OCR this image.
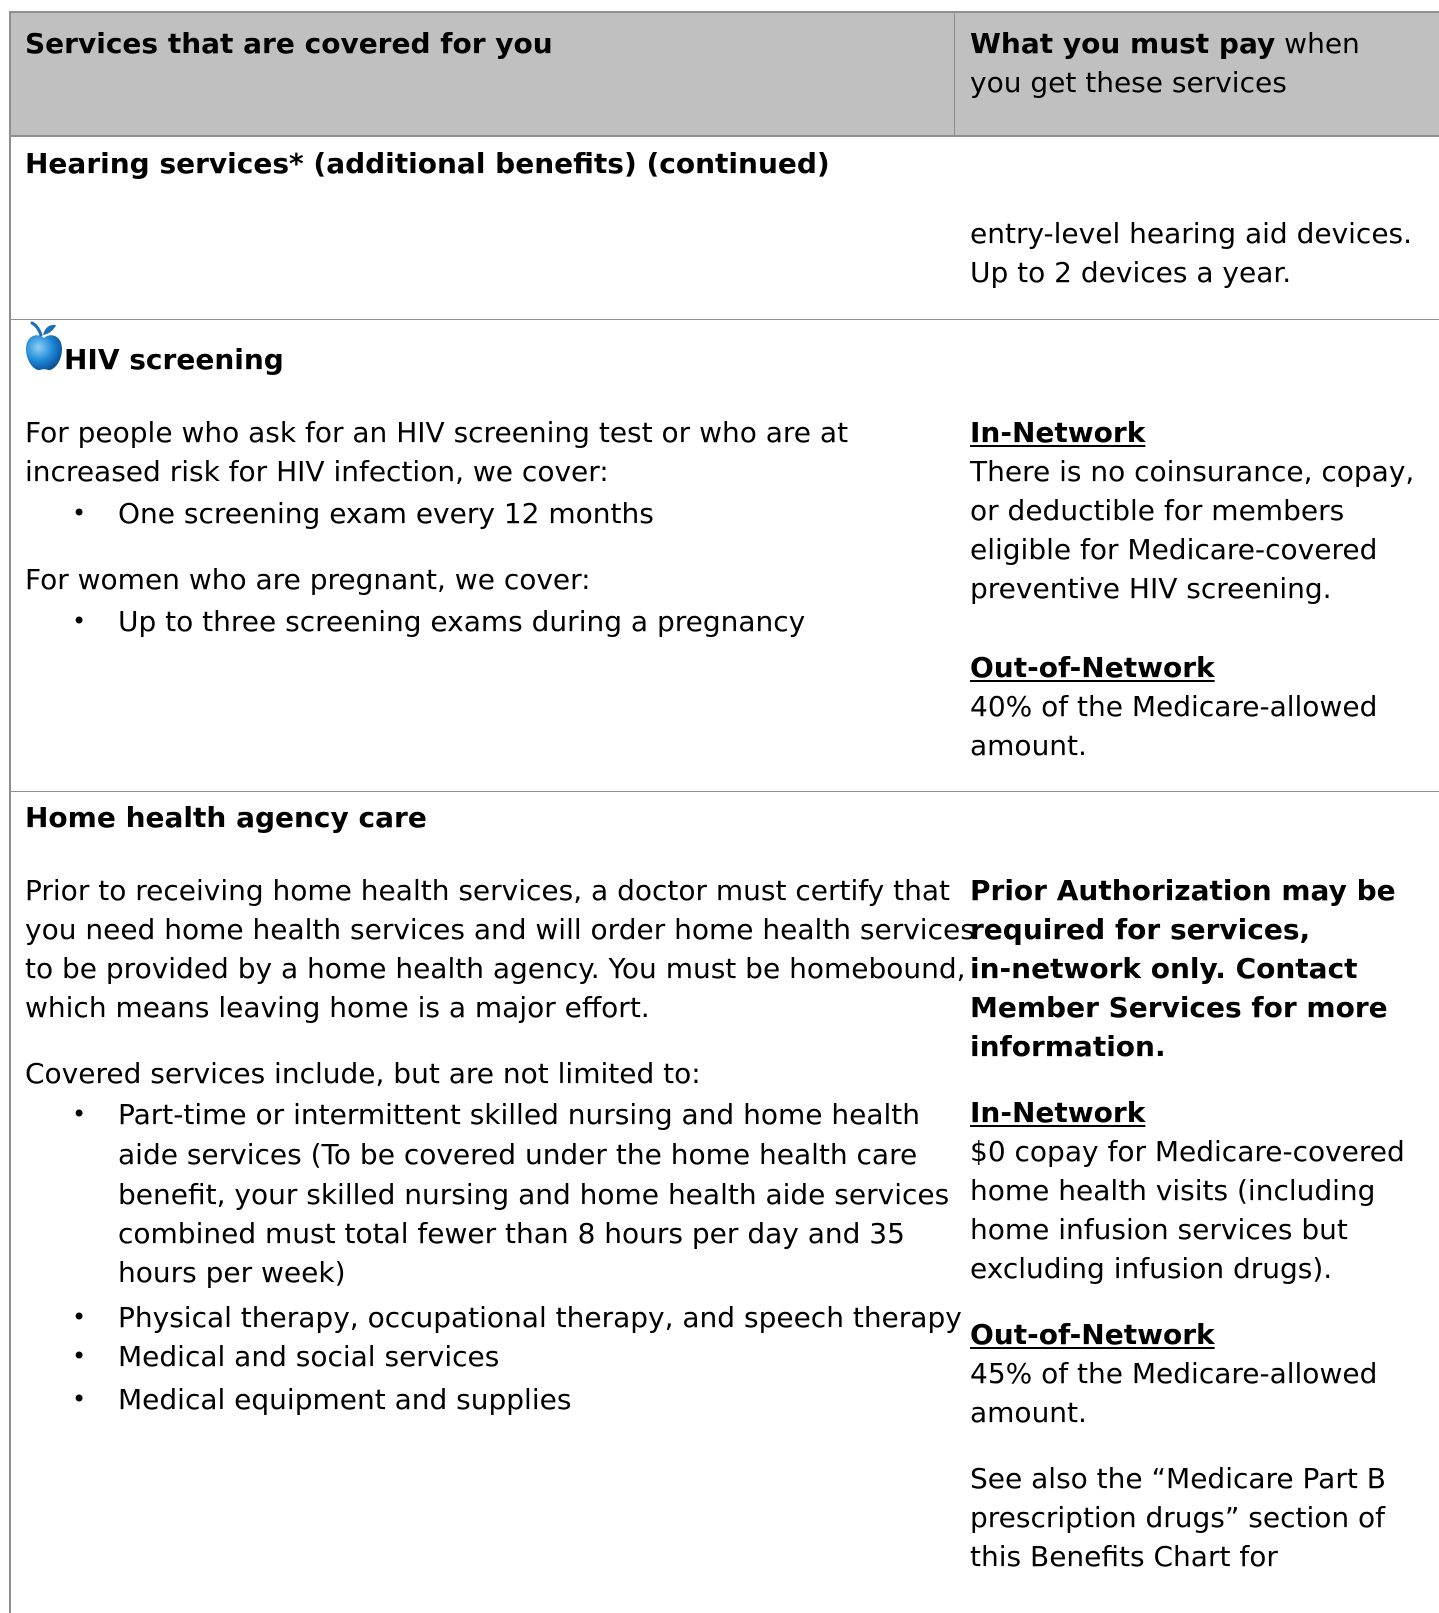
Services that are covered for you	What you must pay when

you get these services

Hearing services* (additional benefits) (continued)

entry-level hearing aid devices.

Up to 2 devices a year.

HIV screening

For people who ask for an HIV screening test or who are at

increased risk for HIV infection, we cover:

• One screening exam every 12 months

For women who are pregnant, we cover:

• Up to three screening exams during a pregnancy

In-Network

There is no coinsurance, copay,

or deductible for members

eligible for Medicare-covered

preventive HIV screening.

Out-of-Network

40% of the Medicare-allowed

amount.

Home health agency care

Prior to receiving home health services, a doctor must certify that

you need home health services and will order home health services

to be provided by a home health agency. You must be homebound,

which means leaving home is a major effort.

Covered services include, but are not limited to:

• Part-time or intermittent skilled nursing and home health

aide services (To be covered under the home health care

benefit, your skilled nursing and home health aide services

combined must total fewer than 8 hours per day and 35

hours per week)

• Physical therapy, occupational therapy, and speech therapy

• Medical and social services

• Medical equipment and supplies

Prior Authorization may be

required for services,

in-network only. Contact

Member Services for more

information.

In-Network

$0 copay for Medicare-covered

home health visits (including

home infusion services but

excluding infusion drugs).

Out-of-Network

45% of the Medicare-allowed

amount.

See also the “Medicare Part B

prescription drugs” section of

this Benefits Chart for
